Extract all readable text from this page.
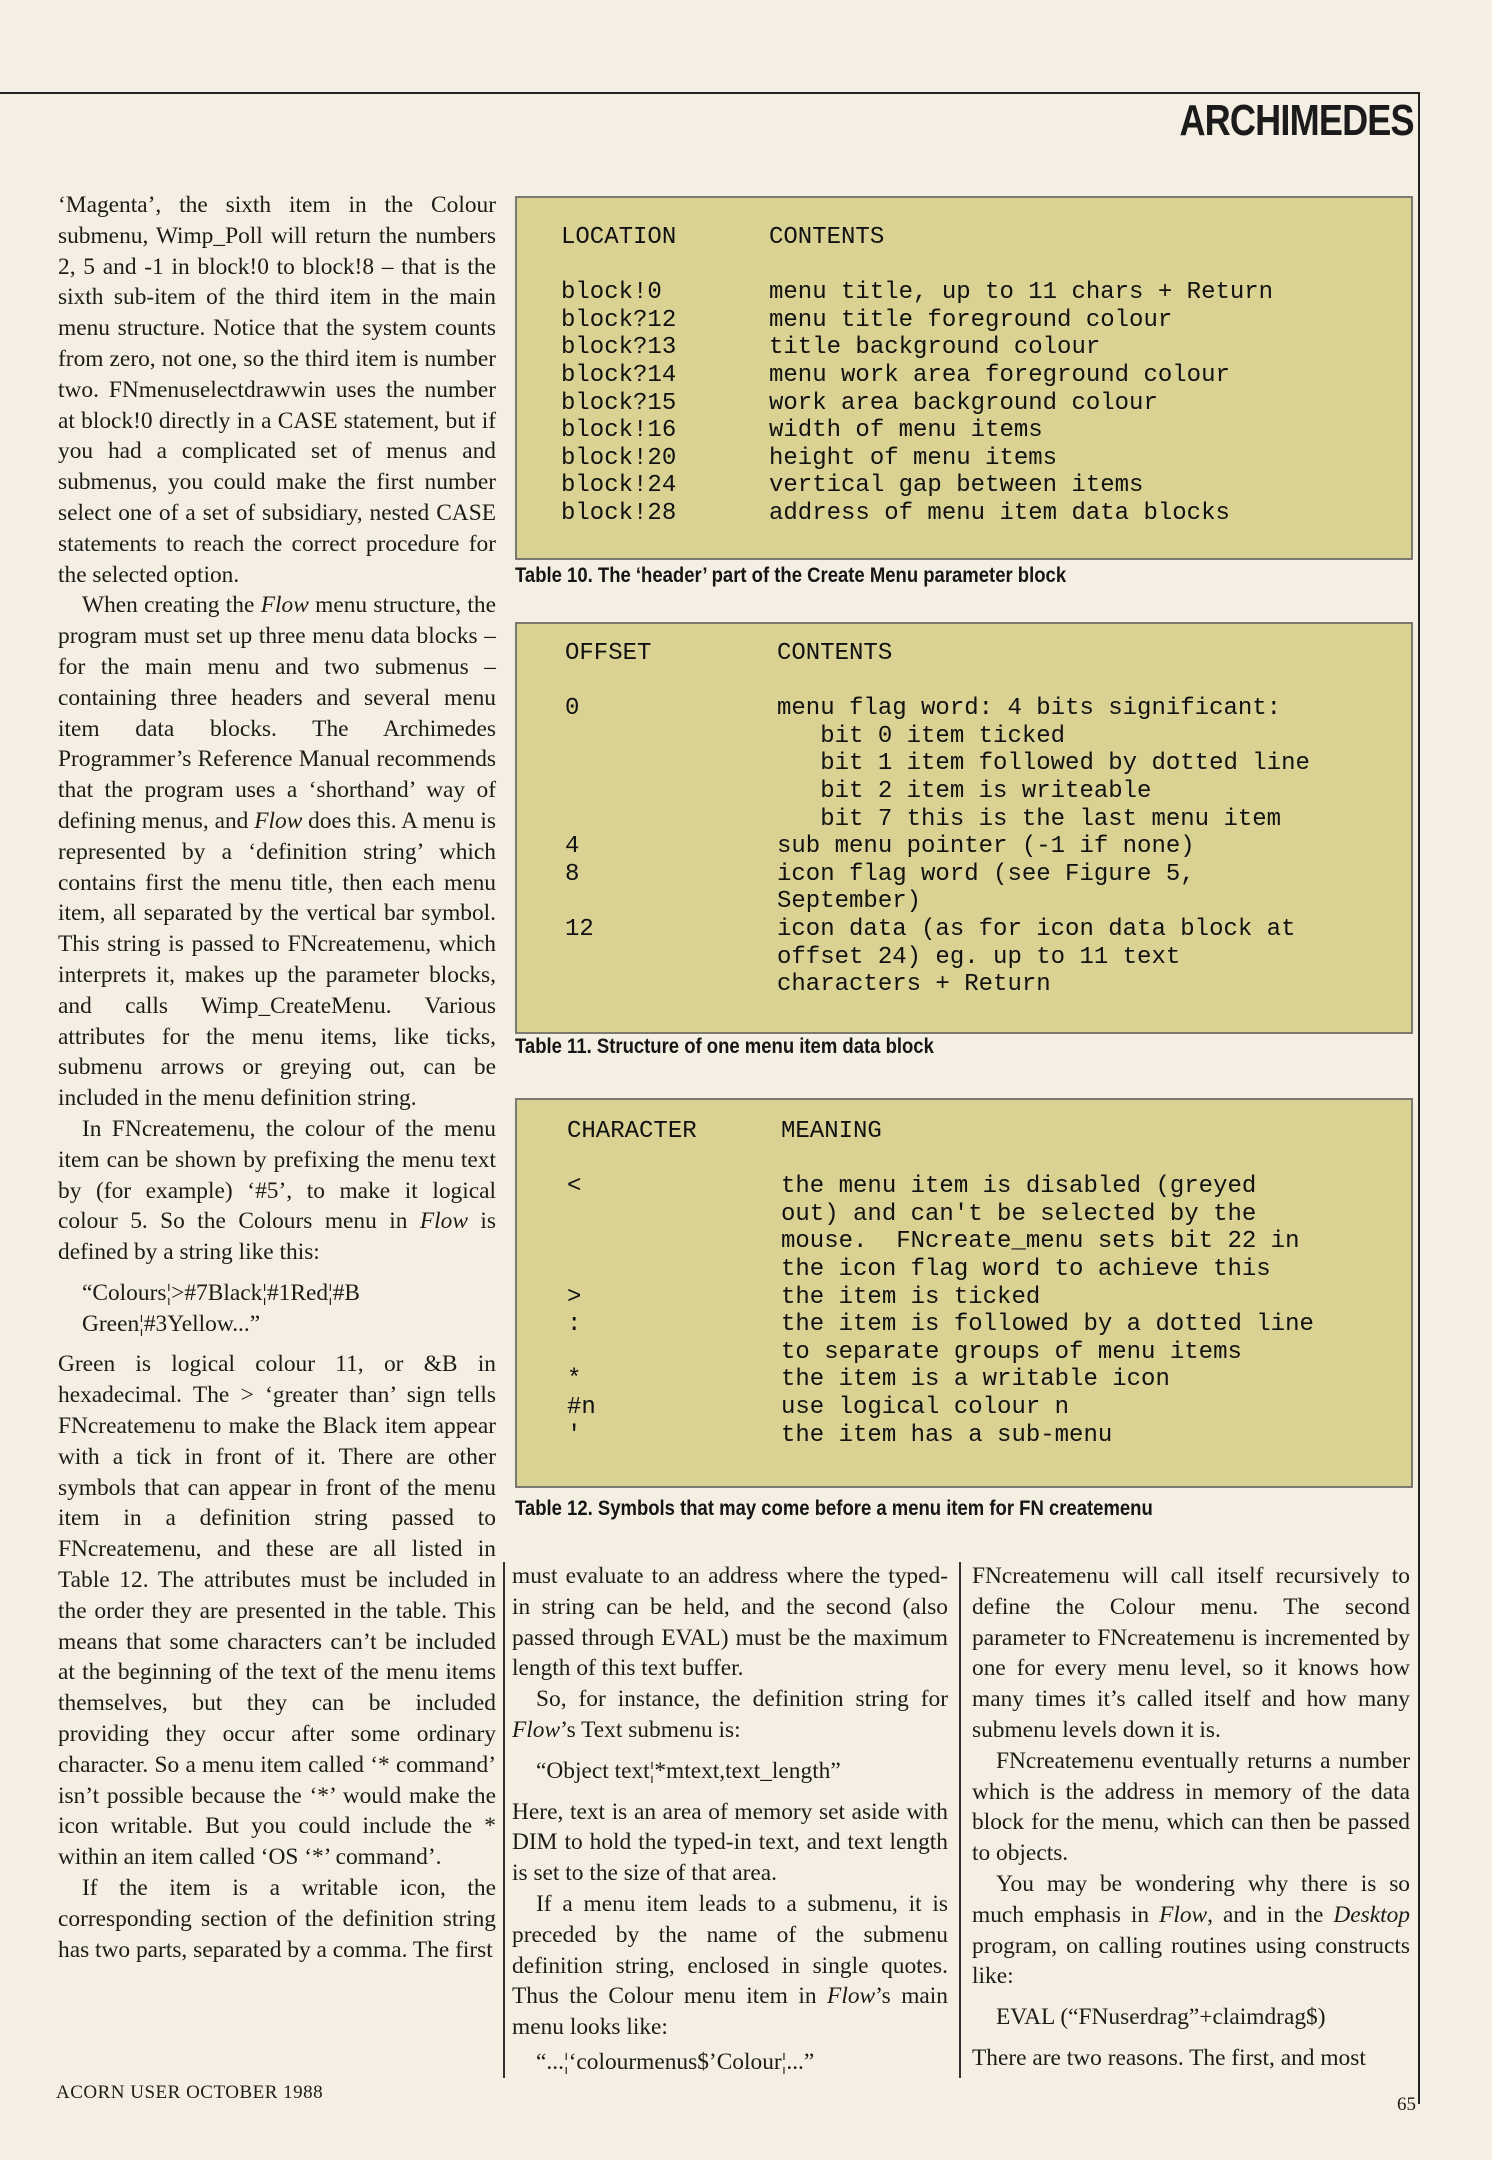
ARCHIMEDES

‘Magenta’, the sixth item in the Colour submenu, Wimp_Poll will return the numbers 2, 5 and -1 in block!0 to block!8 – that is the sixth sub-item of the third item in the main menu structure. Notice that the system counts from zero, not one, so the third item is number two. FNmenuselectdrawwin uses the number at block!0 directly in a CASE statement, but if you had a complicated set of menus and submenus, you could make the first number select one of a set of subsidiary, nested CASE statements to reach the correct procedure for the selected option.

When creating the Flow menu structure, the program must set up three menu data blocks – for the main menu and two submenus – containing three headers and several menu item data blocks. The Archimedes Programmer’s Reference Manual recommends that the program uses a ‘shorthand’ way of defining menus, and Flow does this. A menu is represented by a ‘definition string’ which contains first the menu title, then each menu item, all separated by the vertical bar symbol. This string is passed to FNcreatemenu, which interprets it, makes up the parameter blocks, and calls Wimp_CreateMenu. Various attributes for the menu items, like ticks, submenu arrows or greying out, can be included in the menu definition string.

In FNcreatemenu, the colour of the menu item can be shown by prefixing the menu text by (for example) ‘#5’, to make it logical colour 5. So the Colours menu in Flow is defined by a string like this:

“Colours¦>#7Black¦#1Red¦#B Green¦#3Yellow...”

Green is logical colour 11, or &B in hexadecimal. The > ‘greater than’ sign tells FNcreatemenu to make the Black item appear with a tick in front of it. There are other symbols that can appear in front of the menu item in a definition string passed to FNcreatemenu, and these are all listed in Table 12. The attributes must be included in the order they are presented in the table. This means that some characters can’t be included at the beginning of the text of the menu items themselves, but they can be included providing they occur after some ordinary character. So a menu item called ‘* command’ isn’t possible because the ‘*’ would make the icon writable. But you could include the * within an item called ‘OS ‘*’ command’.

If the item is a writable icon, the corresponding section of the definition string has two parts, separated by a comma. The first

LOCATION	CONTENTS
block!0	menu title, up to 11 chars + Return
block?12	menu title foreground colour
block?13	title background colour
block?14	menu work area foreground colour
block?15	work area background colour
block!16	width of menu items
block!20	height of menu items
block!24	vertical gap between items
block!28	address of menu item data blocks
Table 10. The ‘header’ part of the Create Menu parameter block
OFFSET	CONTENTS
0	menu flag word: 4 bits significant:
bit 0 item ticked
bit 1 item followed by dotted line
bit 2 item is writeable
bit 7 this is the last menu item
4	sub menu pointer (-1 if none)
8	icon flag word (see Figure 5,
September)
12	icon data (as for icon data block at
offset 24) eg. up to 11 text
characters + Return
Table 11. Structure of one menu item data block
CHARACTER	MEANING
<	the menu item is disabled (greyed
out) and can't be selected by the
mouse.  FNcreate_menu sets bit 22 in
the icon flag word to achieve this
>	the item is ticked
:	the item is followed by a dotted line
to separate groups of menu items
*	the item is a writable icon
#n	use logical colour n
'	the item has a sub-menu
Table 12. Symbols that may come before a menu item for FN createmenu

must evaluate to an address where the typed-in string can be held, and the second (also passed through EVAL) must be the maximum length of this text buffer.

So, for instance, the definition string for Flow’s Text submenu is:

“Object text¦*mtext,text_length”

Here, text is an area of memory set aside with DIM to hold the typed-in text, and text length is set to the size of that area.

If a menu item leads to a submenu, it is preceded by the name of the submenu definition string, enclosed in single quotes. Thus the Colour menu item in Flow’s main menu looks like:

“...¦‘colourmenus$’Colour¦...”

FNcreatemenu will call itself recursively to define the Colour menu. The second parameter to FNcreatemenu is incremented by one for every menu level, so it knows how many times it’s called itself and how many submenu levels down it is.

FNcreatemenu eventually returns a number which is the address in memory of the data block for the menu, which can then be passed to objects.

You may be wondering why there is so much emphasis in Flow, and in the Desktop program, on calling routines using constructs like:

EVAL (“FNuserdrag”+claimdrag$)

There are two reasons. The first, and most

ACORN USER OCTOBER 1988
65
